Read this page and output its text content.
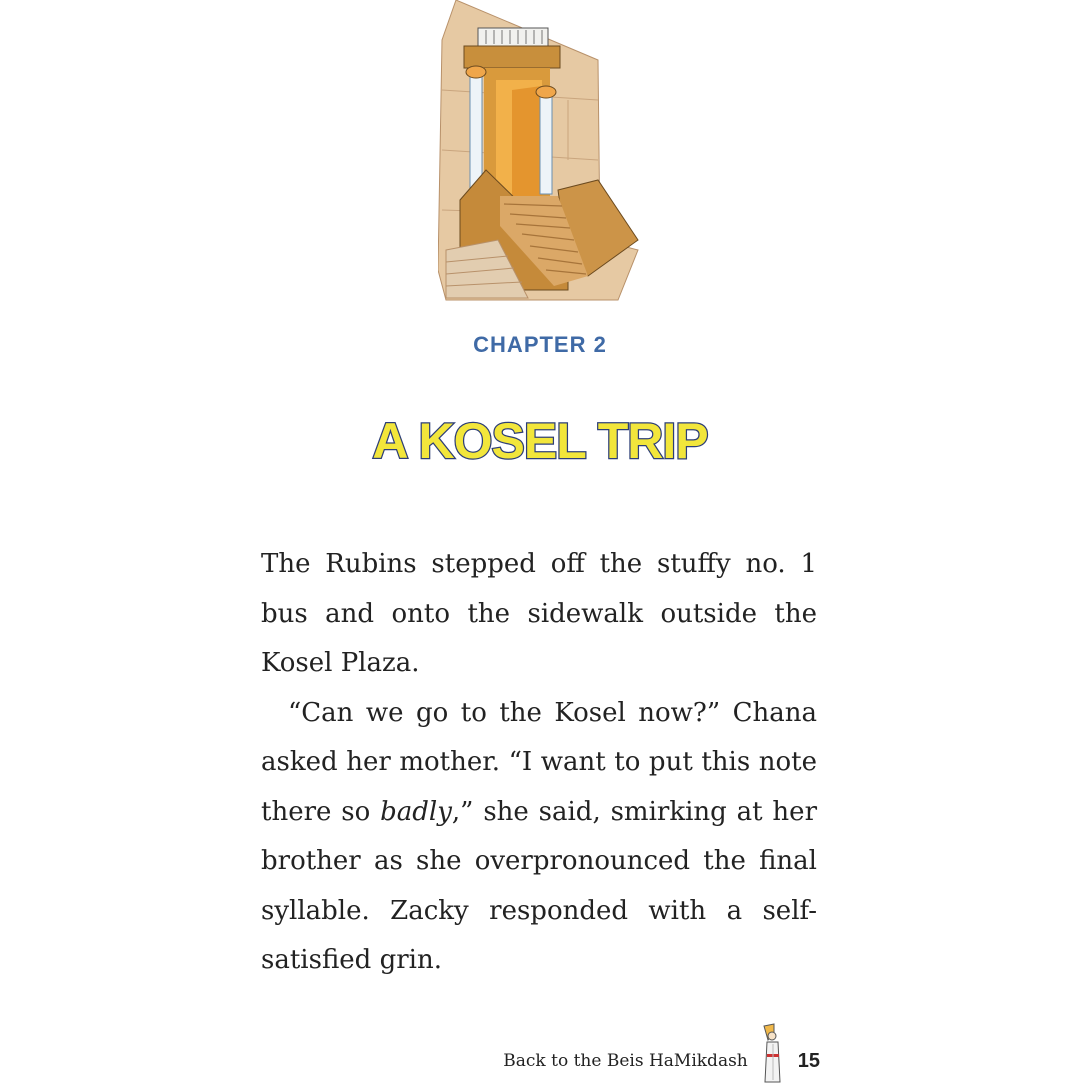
CHAPTER 2
A KOSEL TRIP

The Rubins stepped off the stuffy no. 1 bus and onto the sidewalk outside the Kosel Plaza.

“Can we go to the Kosel now?” Chana asked her mother. “I want to put this note there so badly,” she said, smirking at her brother as she overpronounced the final syllable. Zacky responded with a self-satisfied grin.

Back to the Beis HaMikdash	15
